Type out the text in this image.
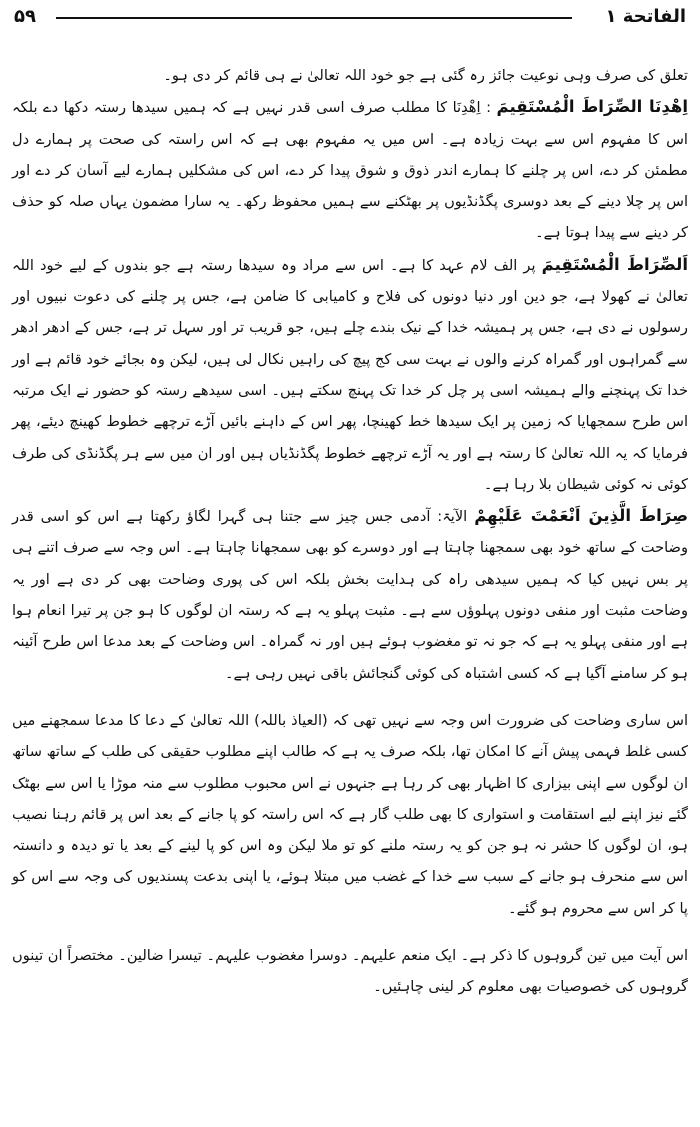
۵۹	الفاتحة ۱

تعلق کی صرف وہی نوعیت جائز رہ گئی ہے جو خود اللہ تعالیٰ نے ہی قائم کر دی ہو۔

اِهْدِنَا الصِّرَاطَ الْمُسْتَقِيمَ : اِھْدِنَا کا مطلب صرف اسی قدر نہیں ہے کہ ہمیں سیدھا رستہ دکھا دے بلکہ اس کا مفہوم اس سے بہت زیادہ ہے۔ اس میں یہ مفہوم بھی ہے کہ اس راستہ کی صحت پر ہمارے دل مطمئن کر دے، اس پر چلنے کا ہمارے اندر ذوق و شوق پیدا کر دے، اس کی مشکلیں ہمارے لیے آسان کر دے اور اس پر چلا دینے کے بعد دوسری پگڈنڈیوں پر بھٹکنے سے ہمیں محفوظ رکھ۔ یہ سارا مضمون یہاں صلہ کو حذف کر دینے سے پیدا ہوتا ہے۔

اَلصِّرَاطَ الْمُسْتَقِيمَ پر الف لام عہد کا ہے۔ اس سے مراد وہ سیدھا رستہ ہے جو بندوں کے لیے خود اللہ تعالیٰ نے کھولا ہے، جو دین اور دنیا دونوں کی فلاح و کامیابی کا ضامن ہے، جس پر چلنے کی دعوت نبیوں اور رسولوں نے دی ہے، جس پر ہمیشہ خدا کے نیک بندے چلے ہیں، جو قریب تر اور سہل تر ہے، جس کے ادھر ادھر سے گمراہوں اور گمراہ کرنے والوں نے بہت سی کج پیچ کی راہیں نکال لی ہیں، لیکن وہ بجائے خود قائم ہے اور خدا تک پہنچنے والے ہمیشہ اسی پر چل کر خدا تک پہنچ سکتے ہیں۔ اسی سیدھے رستہ کو حضور نے ایک مرتبہ اس طرح سمجھایا کہ زمین پر ایک سیدھا خط کھینچا، پھر اس کے داہنے بائیں آڑے ترچھے خطوط کھینچ دیئے، پھر فرمایا کہ یہ اللہ تعالیٰ کا رستہ ہے اور یہ آڑے ترچھے خطوط پگڈنڈیاں ہیں اور ان میں سے ہر پگڈنڈی کی طرف کوئی نہ کوئی شیطان بلا رہا ہے۔

صِرَاطَ الَّذِينَ اَنْعَمْتَ عَلَيْهِمْ الآیۃ: آدمی جس چیز سے جتنا ہی گہرا لگاؤ رکھتا ہے اس کو اسی قدر وضاحت کے ساتھ خود بھی سمجھنا چاہتا ہے اور دوسرے کو بھی سمجھانا چاہتا ہے۔ اس وجہ سے صرف اتنے ہی پر بس نہیں کیا کہ ہمیں سیدھی راہ کی ہدایت بخش بلکہ اس کی پوری وضاحت بھی کر دی ہے اور یہ وضاحت مثبت اور منفی دونوں پہلوؤں سے ہے۔ مثبت پہلو یہ ہے کہ رستہ ان لوگوں کا ہو جن پر تیرا انعام ہوا ہے اور منفی پہلو یہ ہے کہ جو نہ تو مغضوب ہوئے ہیں اور نہ گمراہ۔ اس وضاحت کے بعد مدعا اس طرح آئینہ ہو کر سامنے آگیا ہے کہ کسی اشتباہ کی کوئی گنجائش باقی نہیں رہی ہے۔

اس ساری وضاحت کی ضرورت اس وجہ سے نہیں تھی کہ (العیاذ باللہ) اللہ تعالیٰ کے دعا کا مدعا سمجھنے میں کسی غلط فہمی پیش آنے کا امکان تھا، بلکہ صرف یہ ہے کہ طالب اپنے مطلوب حقیقی کی طلب کے ساتھ ساتھ ان لوگوں سے اپنی بیزاری کا اظہار بھی کر رہا ہے جنہوں نے اس محبوب مطلوب سے منہ موڑا یا اس سے بھٹک گئے نیز اپنے لیے استقامت و استواری کا بھی طلب گار ہے کہ اس راستہ کو پا جانے کے بعد اس پر قائم رہنا نصیب ہو، ان لوگوں کا حشر نہ ہو جن کو یہ رستہ ملنے کو تو ملا لیکن وہ اس کو پا لینے کے بعد یا تو دیدہ و دانستہ اس سے منحرف ہو جانے کے سبب سے خدا کے غضب میں مبتلا ہوئے، یا اپنی بدعت پسندیوں کی وجہ سے اس کو پا کر اس سے محروم ہو گئے۔

اس آیت میں تین گروہوں کا ذکر ہے۔ ایک منعم علیہم۔ دوسرا مغضوب علیہم۔ تیسرا ضالین۔ مختصراً ان تینوں گروہوں کی خصوصیات بھی معلوم کر لینی چاہئیں۔
